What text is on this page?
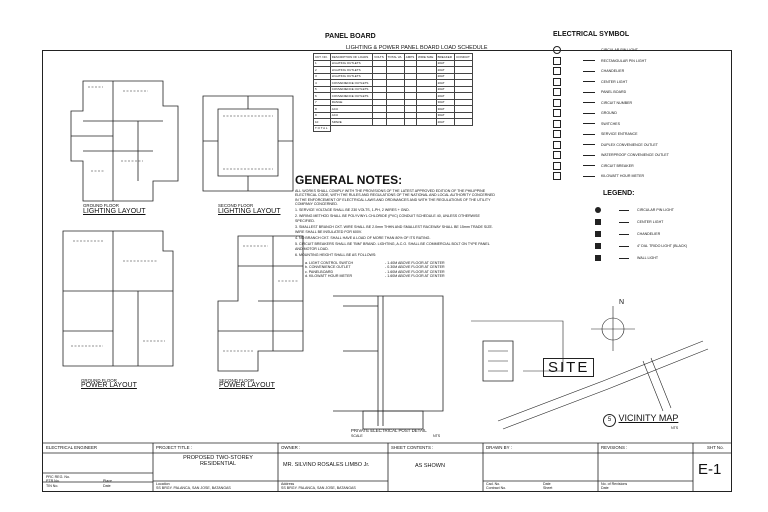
GROUND FLOOR
LIGHTING LAYOUT
SECOND FLOOR
LIGHTING LAYOUT
GROUND FLOOR
POWER LAYOUT
SECOND FLOOR
POWER LAYOUT
PANEL BOARD
LIGHTING & POWER PANEL BOARD LOAD SCHEDULE
CKT. NO.	DESCRIPTION OF LOADS	VOLTS	TOTAL VA	AMPS	WIRE SIZE	BREAKER	CONDUIT
1	LIGHTING OUTLETS					20AT	
2	LIGHTING OUTLETS					20AT	
3	LIGHTING OUTLETS					20AT	
4	CONVENIENCE OUTLETS					20AT	
5	CONVENIENCE OUTLETS					20AT	
6	CONVENIENCE OUTLETS					20AT	
7	RANGE					30AT	
8	ACU					30AT	
9	ACU					30AT	
10	SPARE					20AT	
T O T A L							
GENERAL NOTES:
ALL WORKS SHALL COMPLY WITH THE PROVISIONS OF THE LATEST APPROVED EDITION OF THE PHILIPPINE ELECTRICAL CODE, WITH THE RULES AND REGULATIONS OF THE NATIONAL AND LOCAL AUTHORITY CONCERNED IN THE ENFORCEMENT OF ELECTRICAL LAWS AND ORDINANCES AND WITH THE REGULATIONS OF THE UTILITY COMPANY CONCERNED.
1. SERVICE VOLTAGE SHALL BE 230 VOLTS, 1-PH, 2 WIRES + GND.
2. WIRING METHOD SHALL BE POLYVINYL CHLORIDE (PVC) CONDUIT SCHEDULE 40, UNLESS OTHERWISE SPECIFIED.
3. SMALLEST BRANCH CKT. WIRE SHALL BE 2.0mm THHN AND SMALLEST RACEWAY SHALL BE 15mm TRADE SIZE. WIRE SHALL BE INSULATED FOR 600V.
4. NO BRANCH CKT. SHALL HAVE A LOAD OF MORE THAN 80% OF ITS RATING.
5. CIRCUIT BREAKERS SHALL BE "BIM" BRAND. LIGHTING, A.C.O. SHALL BE COMMERCIAL BOLT ON TYPE PANEL AND MOTOR LOAD.
6. MOUNTING HEIGHT SHALL BE AS FOLLOWS:
a. LIGHT CONTROL SWITCH	- 1.40M ABOVE FLOOR AT CENTER
b. CONVENIENCE OUTLET	- 0.30M ABOVE FLOOR AT CENTER
c. PANELBOARD	- 1.60M ABOVE FLOOR AT CENTER
d. KILOWATT HOUR METER	- 1.60M ABOVE FLOOR AT CENTER
PRIVATE ELECTRICAL POST DETAIL
SCALE	NTS
ELECTRICAL SYMBOL
CIRCULAR PIN LIGHT
RECTANGULAR PIN LIGHT
CHANDELIER
CENTER LIGHT
PANEL BOARD
CIRCUIT NUMBER
GROUND
SWITCHES
SERVICE ENTRANCE
DUPLEX CONVENIENCE OUTLET
WATERPROOF CONVENIENCE OUTLET
CIRCUIT BREAKER
KILOWATT HOUR METER
LEGEND:
CIRCULAR PIN LIGHT
CENTER LIGHT
CHANDELIER
4" DIA. TRIDO LIGHT (BLACK)
WALL LIGHT
N
SITE
5 VICINITY MAP
NTS
ELECTRICAL ENGINEER
PRC REG. No.
PTR No.	Place
TIN No.	Date
PROJECT TITLE :
PROPOSED TWO-STOREY RESIDENTIAL
Location
SS BRGY. PALANCA, SAN JOSE, BATANGAS
OWNER :
MR. SILVINO ROSALES LIMBO Jr.
Address
SS BRGY. PALANCA, SAN JOSE, BATANGAS
SHEET CONTENTS :
AS SHOWN
DRAWN BY :
Cad. No.
Contract No.
Date
Sheet
REVISIONS :
No. of Revisions
Date
SHT No.
E-1
